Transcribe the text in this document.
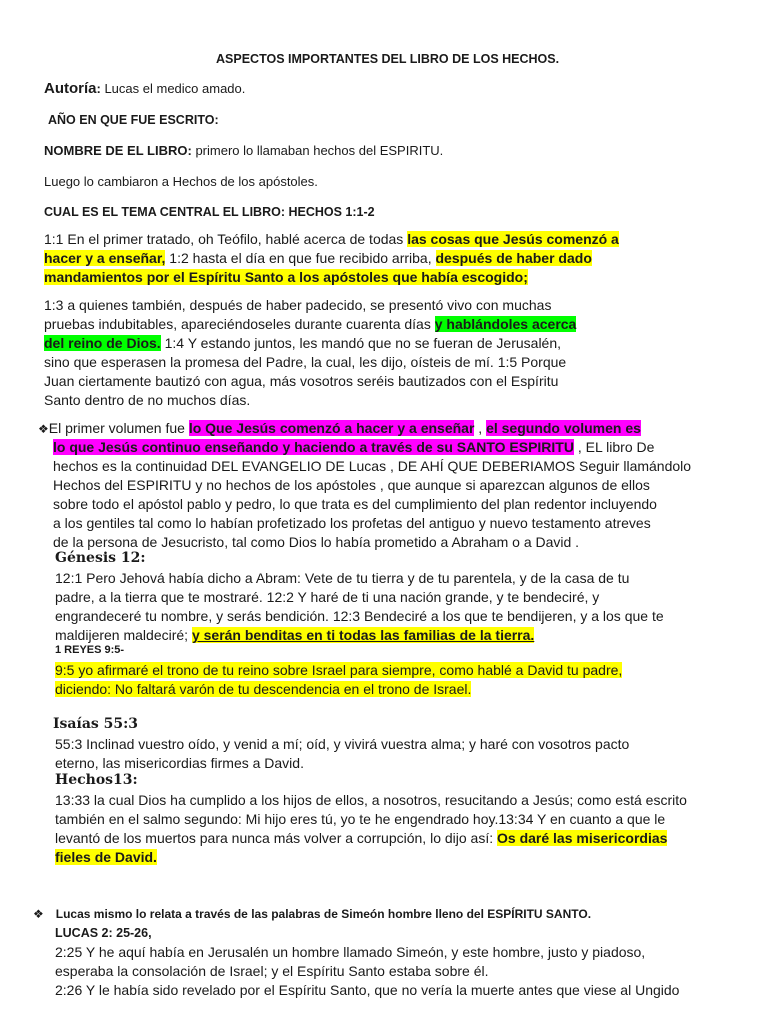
ASPECTOS IMPORTANTES DEL LIBRO DE LOS HECHOS.

Autoría: Lucas el medico amado.

AÑO EN QUE FUE ESCRITO:

NOMBRE DE EL LIBRO: primero lo llamaban hechos del ESPIRITU.

Luego lo cambiaron a Hechos de los apóstoles.

CUAL ES EL TEMA CENTRAL EL LIBRO: HECHOS 1:1-2

1:1 En el primer tratado, oh Teófilo, hablé acerca de todas las cosas que Jesús comenzó a

hacer y a enseñar, 1:2 hasta el día en que fue recibido arriba, después de haber dado

mandamientos por el Espíritu Santo a los apóstoles que había escogido;

1:3 a quienes también, después de haber padecido, se presentó vivo con muchas

pruebas indubitables, apareciéndoseles durante cuarenta días y hablándoles acerca

del reino de Dios. 1:4 Y estando juntos, les mandó que no se fueran de Jerusalén,

sino que esperasen la promesa del Padre, la cual, les dijo, oísteis de mí. 1:5 Porque

Juan ciertamente bautizó con agua, más vosotros seréis bautizados con el Espíritu

Santo dentro de no muchos días.

❖El primer volumen fue lo Que Jesús comenzó a hacer y a enseñar , el segundo volumen es

lo que Jesús continuo enseñando y haciendo a través de su SANTO ESPIRITU , EL libro De

hechos es la continuidad DEL EVANGELIO DE Lucas , DE AHÍ QUE DEBERIAMOS Seguir llamándolo

Hechos del ESPIRITU y no hechos de los apóstoles , que aunque si aparezcan algunos de ellos

sobre todo el apóstol pablo y pedro, lo que trata es del cumplimiento del plan redentor incluyendo

a los gentiles tal como lo habían profetizado los profetas del antiguo y nuevo testamento atreves

de la persona de Jesucristo, tal como Dios lo había prometido a Abraham o a David .

Génesis 12:

12:1 Pero Jehová había dicho a Abram: Vete de tu tierra y de tu parentela, y de la casa de tu

padre, a la tierra que te mostraré. 12:2 Y haré de ti una nación grande, y te bendeciré, y

engrandeceré tu nombre, y serás bendición. 12:3 Bendeciré a los que te bendijeren, y a los que te

maldijeren maldeciré; y serán benditas en ti todas las familias de la tierra.

1 REYES 9:5-

9:5 yo afirmaré el trono de tu reino sobre Israel para siempre, como hablé a David tu padre,

diciendo: No faltará varón de tu descendencia en el trono de Israel.

Isaías 55:3

55:3 Inclinad vuestro oído, y venid a mí; oíd, y vivirá vuestra alma; y haré con vosotros pacto

eterno, las misericordias firmes a David.

Hechos13:

13:33 la cual Dios ha cumplido a los hijos de ellos, a nosotros, resucitando a Jesús; como está escrito

también en el salmo segundo: Mi hijo eres tú, yo te he engendrado hoy.13:34 Y en cuanto a que le

levantó de los muertos para nunca más volver a corrupción, lo dijo así: Os daré las misericordias

fieles de David.

❖ Lucas mismo lo relata a través de las palabras de Simeón hombre lleno del ESPÍRITU SANTO.

LUCAS 2: 25-26,

2:25 Y he aquí había en Jerusalén un hombre llamado Simeón, y este hombre, justo y piadoso,

esperaba la consolación de Israel; y el Espíritu Santo estaba sobre él.

2:26 Y le había sido revelado por el Espíritu Santo, que no vería la muerte antes que viese al Ungido
